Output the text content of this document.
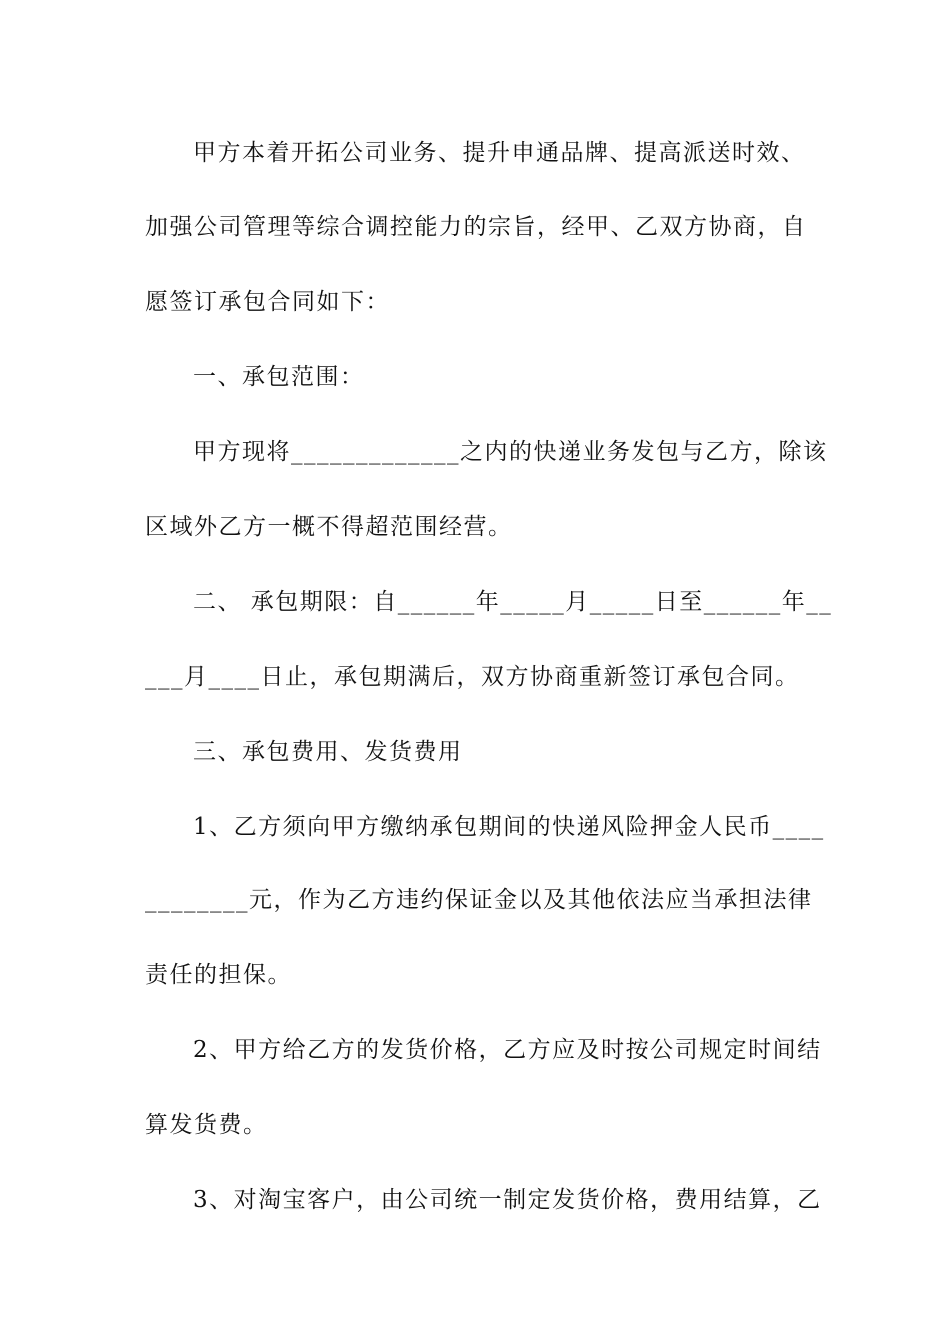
甲方本着开拓公司业务、提升申通品牌、提高派送时效、
加强公司管理等综合调控能力的宗旨，经甲、乙双方协商，自
愿签订承包合同如下：
一、承包范围：
甲方现将_____________之内的快递业务发包与乙方，除该
区域外乙方一概不得超范围经营。
二、 承包期限：自______年_____月_____日至______年__
___月____日止，承包期满后，双方协商重新签订承包合同。
三、承包费用、发货费用
1、乙方须向甲方缴纳承包期间的快递风险押金人民币____
________元，作为乙方违约保证金以及其他依法应当承担法律
责任的担保。
2、甲方给乙方的发货价格，乙方应及时按公司规定时间结
算发货费。
3、对淘宝客户，由公司统一制定发货价格，费用结算，乙
